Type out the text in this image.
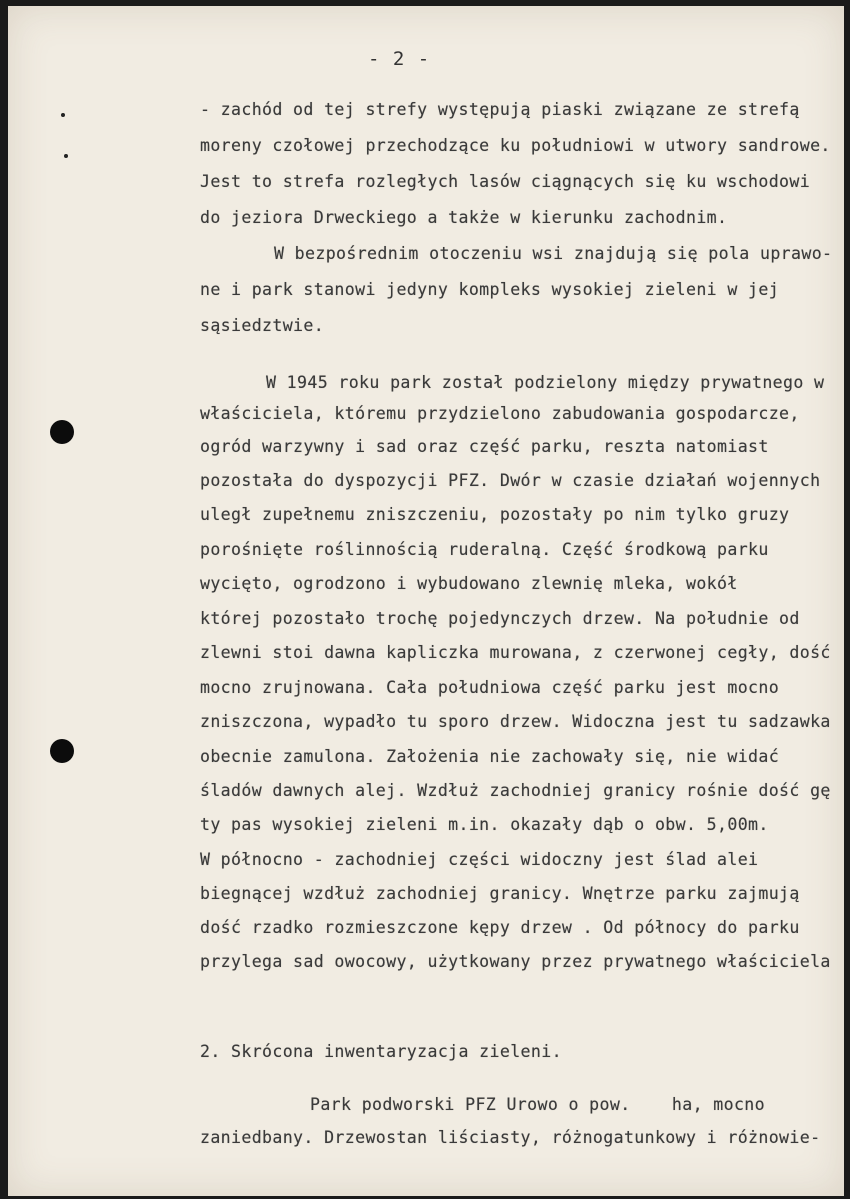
- 2 -
- zachód od tej strefy występują piaski związane ze strefą
moreny czołowej przechodzące ku południowi w utwory sandrowe.
Jest to strefa rozległych lasów ciągnących się ku wschodowi
do jeziora Drweckiego a także w kierunku zachodnim.
W bezpośrednim otoczeniu wsi znajdują się pola uprawo-
ne i park stanowi jedyny kompleks wysokiej zieleni w jej
sąsiedztwie.
W 1945 roku park został podzielony między prywatnego w
właściciela, któremu przydzielono zabudowania gospodarcze,
ogród warzywny i sad oraz część parku, reszta natomiast
pozostała do dyspozycji PFZ. Dwór w czasie działań wojennych
uległ zupełnemu zniszczeniu, pozostały po nim tylko gruzy
porośnięte roślinnością ruderalną. Część środkową parku
wycięto, ogrodzono i wybudowano zlewnię mleka, wokół
której pozostało trochę pojedynczych drzew. Na południe od
zlewni stoi dawna kapliczka murowana, z czerwonej cegły, dość
mocno zrujnowana. Cała południowa część parku jest mocno
zniszczona, wypadło tu sporo drzew. Widoczna jest tu sadzawka
obecnie zamulona. Założenia nie zachowały się, nie widać
śladów dawnych alej. Wzdłuż zachodniej granicy rośnie dość gę
ty pas wysokiej zieleni m.in. okazały dąb o obw. 5,00m.
W północno - zachodniej części widoczny jest ślad alei
biegnącej wzdłuż zachodniej granicy. Wnętrze parku zajmują
dość rzadko rozmieszczone kępy drzew . Od północy do parku
przylega sad owocowy, użytkowany przez prywatnego właściciela
2. Skrócona inwentaryzacja zieleni.
Park podworski PFZ Urowo o pow.    ha, mocno
zaniedbany. Drzewostan liściasty, różnogatunkowy i różnowie-
